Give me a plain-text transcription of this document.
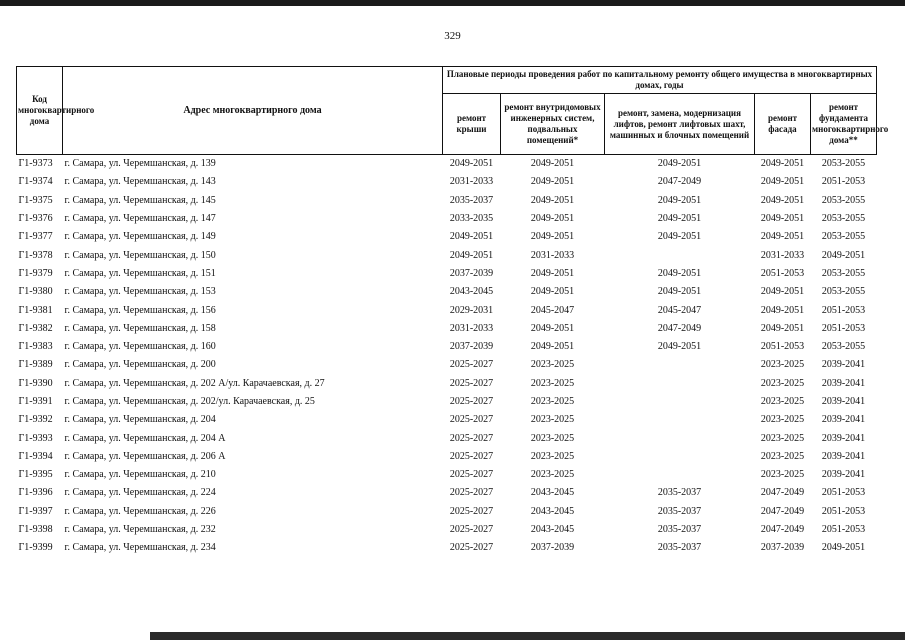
329
Код многоквартирного дома	Адрес многоквартирного дома	Плановые периоды проведения работ по капитальному ремонту общего имущества в многоквартирных домах, годы				
		ремонт крыши	ремонт внутридомовых инженерных систем, подвальных помещений*	ремонт, замена, модернизация лифтов, ремонт лифтовых шахт, машинных и блочных помещений	ремонт фасада	ремонт фундамента многоквартирного дома**
Г1-9373	г. Самара, ул. Черемшанская, д. 139	2049-2051	2049-2051	2049-2051	2049-2051	2053-2055
Г1-9374	г. Самара, ул. Черемшанская, д. 143	2031-2033	2049-2051	2047-2049	2049-2051	2051-2053
Г1-9375	г. Самара, ул. Черемшанская, д. 145	2035-2037	2049-2051	2049-2051	2049-2051	2053-2055
Г1-9376	г. Самара, ул. Черемшанская, д. 147	2033-2035	2049-2051	2049-2051	2049-2051	2053-2055
Г1-9377	г. Самара, ул. Черемшанская, д. 149	2049-2051	2049-2051	2049-2051	2049-2051	2053-2055
Г1-9378	г. Самара, ул. Черемшанская, д. 150	2049-2051	2031-2033		2031-2033	2049-2051
Г1-9379	г. Самара, ул. Черемшанская, д. 151	2037-2039	2049-2051	2049-2051	2051-2053	2053-2055
Г1-9380	г. Самара, ул. Черемшанская, д. 153	2043-2045	2049-2051	2049-2051	2049-2051	2053-2055
Г1-9381	г. Самара, ул. Черемшанская, д. 156	2029-2031	2045-2047	2045-2047	2049-2051	2051-2053
Г1-9382	г. Самара, ул. Черемшанская, д. 158	2031-2033	2049-2051	2047-2049	2049-2051	2051-2053
Г1-9383	г. Самара, ул. Черемшанская, д. 160	2037-2039	2049-2051	2049-2051	2051-2053	2053-2055
Г1-9389	г. Самара, ул. Черемшанская, д. 200	2025-2027	2023-2025		2023-2025	2039-2041
Г1-9390	г. Самара, ул. Черемшанская, д. 202 А/ул. Карачаевская, д. 27	2025-2027	2023-2025		2023-2025	2039-2041
Г1-9391	г. Самара, ул. Черемшанская, д. 202/ул. Карачаевская, д. 25	2025-2027	2023-2025		2023-2025	2039-2041
Г1-9392	г. Самара, ул. Черемшанская, д. 204	2025-2027	2023-2025		2023-2025	2039-2041
Г1-9393	г. Самара, ул. Черемшанская, д. 204 А	2025-2027	2023-2025		2023-2025	2039-2041
Г1-9394	г. Самара, ул. Черемшанская, д. 206 А	2025-2027	2023-2025		2023-2025	2039-2041
Г1-9395	г. Самара, ул. Черемшанская, д. 210	2025-2027	2023-2025		2023-2025	2039-2041
Г1-9396	г. Самара, ул. Черемшанская, д. 224	2025-2027	2043-2045	2035-2037	2047-2049	2051-2053
Г1-9397	г. Самара, ул. Черемшанская, д. 226	2025-2027	2043-2045	2035-2037	2047-2049	2051-2053
Г1-9398	г. Самара, ул. Черемшанская, д. 232	2025-2027	2043-2045	2035-2037	2047-2049	2051-2053
Г1-9399	г. Самара, ул. Черемшанская, д. 234	2025-2027	2037-2039	2035-2037	2037-2039	2049-2051
